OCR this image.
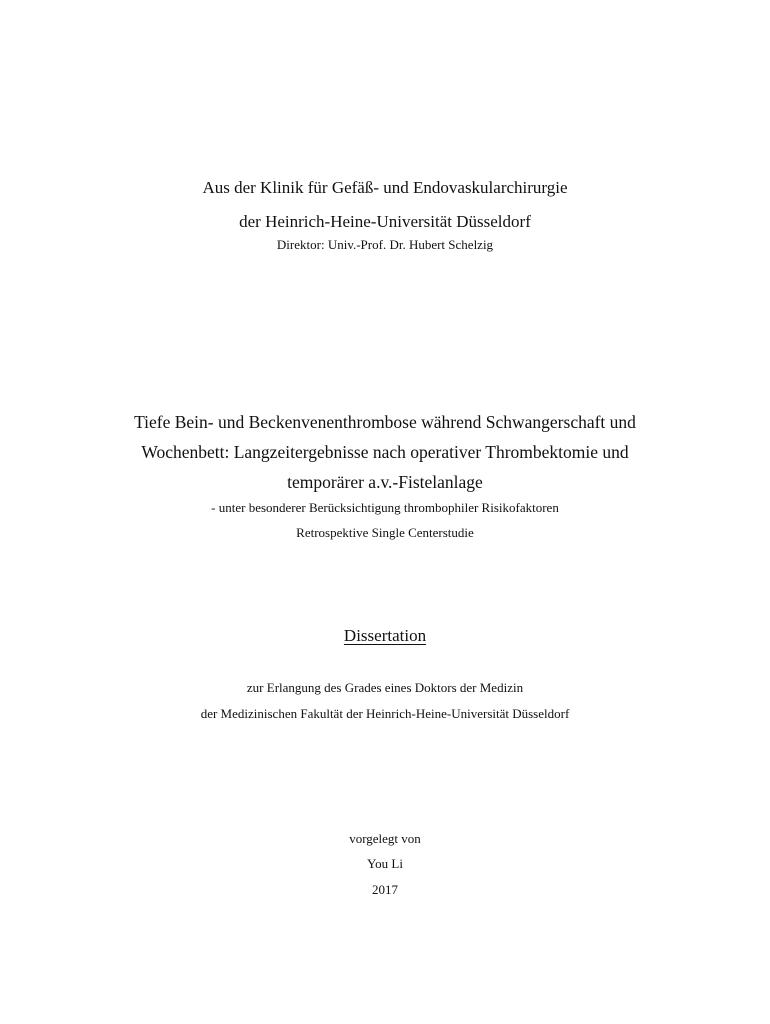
Aus der Klinik für Gefäß- und Endovaskularchirurgie
der Heinrich-Heine-Universität Düsseldorf
Direktor: Univ.-Prof. Dr. Hubert Schelzig
Tiefe Bein- und Beckenvenenthrombose während Schwangerschaft und
Wochenbett: Langzeitergebnisse nach operativer Thrombektomie und
temporärer a.v.-Fistelanlage
- unter besonderer Berücksichtigung thrombophiler Risikofaktoren
Retrospektive Single Centerstudie
Dissertation
zur Erlangung des Grades eines Doktors der Medizin
der Medizinischen Fakultät der Heinrich-Heine-Universität Düsseldorf
vorgelegt von
You Li
2017
